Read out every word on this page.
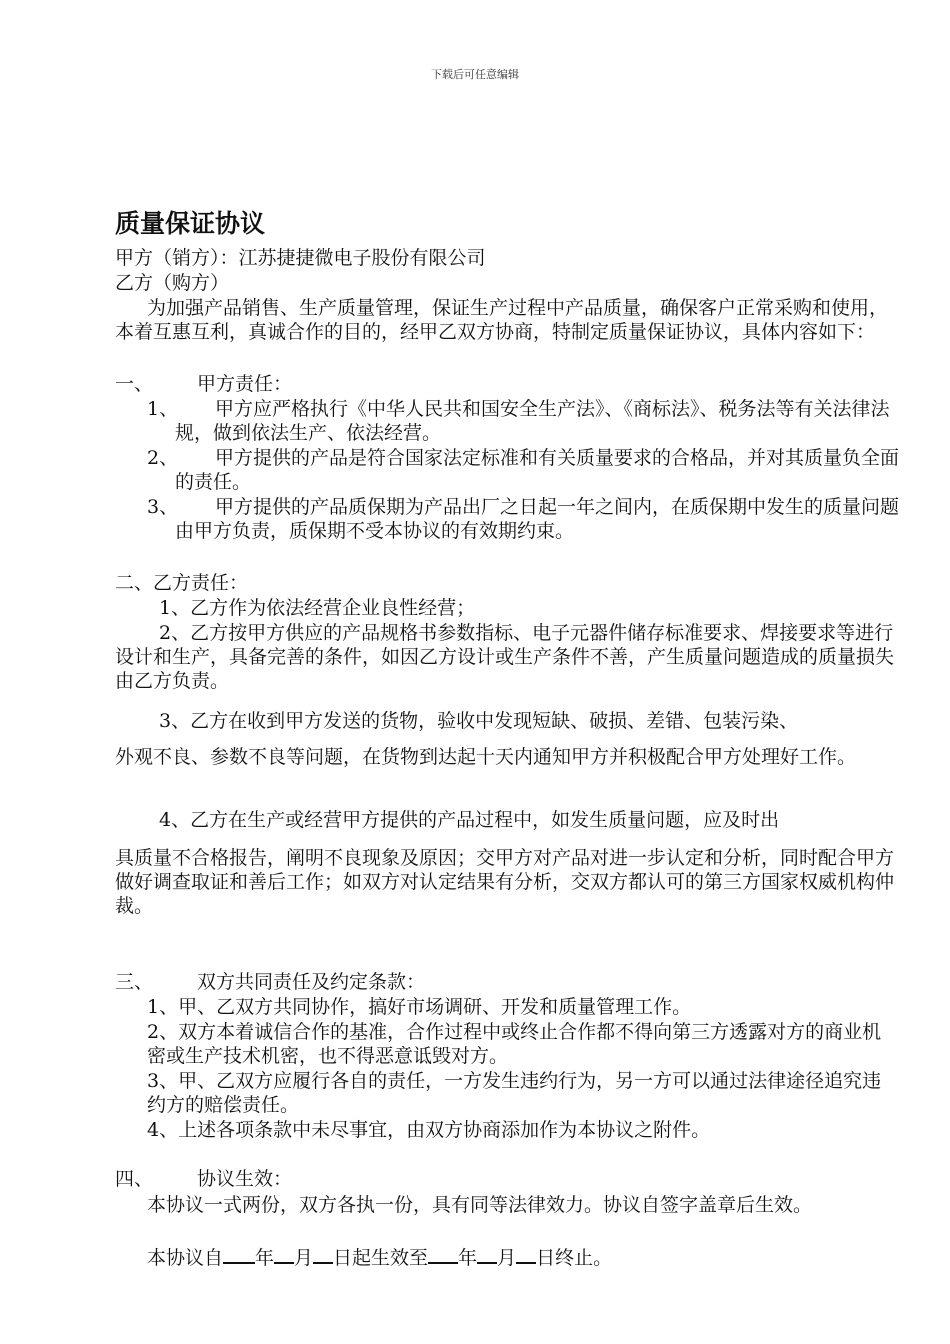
下载后可任意编辑
质量保证协议
甲方（销方）：江苏捷捷微电子股份有限公司
乙方（购方）
为加强产品销售、生产质量管理，保证生产过程中产品质量，确保客户正常采购和使用，本着互惠互利，真诚合作的目的，经甲乙双方协商，特制定质量保证协议，具体内容如下：
一、 甲方责任：
1、	甲方应严格执行《中华人民共和国安全生产法》、《商标法》、税务法等有关法律法规，做到依法生产、依法经营。
2、	甲方提供的产品是符合国家法定标准和有关质量要求的合格品，并对其质量负全面的责任。
3、	甲方提供的产品质保期为产品出厂之日起一年之间内，在质保期中发生的质量问题由甲方负责，质保期不受本协议的有效期约束。
二、乙方责任：
1、乙方作为依法经营企业良性经营；
2、乙方按甲方供应的产品规格书参数指标、电子元器件储存标准要求、焊接要求等进行设计和生产，具备完善的条件，如因乙方设计或生产条件不善，产生质量问题造成的质量损失由乙方负责。
3、乙方在收到甲方发送的货物，验收中发现短缺、破损、差错、包装污染、
外观不良、参数不良等问题，在货物到达起十天内通知甲方并积极配合甲方处理好工作。
4、乙方在生产或经营甲方提供的产品过程中，如发生质量问题，应及时出
具质量不合格报告，阐明不良现象及原因；交甲方对产品对进一步认定和分析，同时配合甲方做好调查取证和善后工作；如双方对认定结果有分析，交双方都认可的第三方国家权威机构仲裁。
三、 双方共同责任及约定条款：
1、甲、乙双方共同协作，搞好市场调研、开发和质量管理工作。
2、双方本着诚信合作的基准，合作过程中或终止合作都不得向第三方透露对方的商业机密或生产技术机密，也不得恶意诋毁对方。
3、甲、乙双方应履行各自的责任，一方发生违约行为，另一方可以通过法律途径追究违约方的赔偿责任。
4、上述各项条款中未尽事宜，由双方协商添加作为本协议之附件。
四、 协议生效：
本协议一式两份，双方各执一份，具有同等法律效力。协议自签字盖章后生效。
本协议自 年 月 日起生效至 年 月 日终止。
